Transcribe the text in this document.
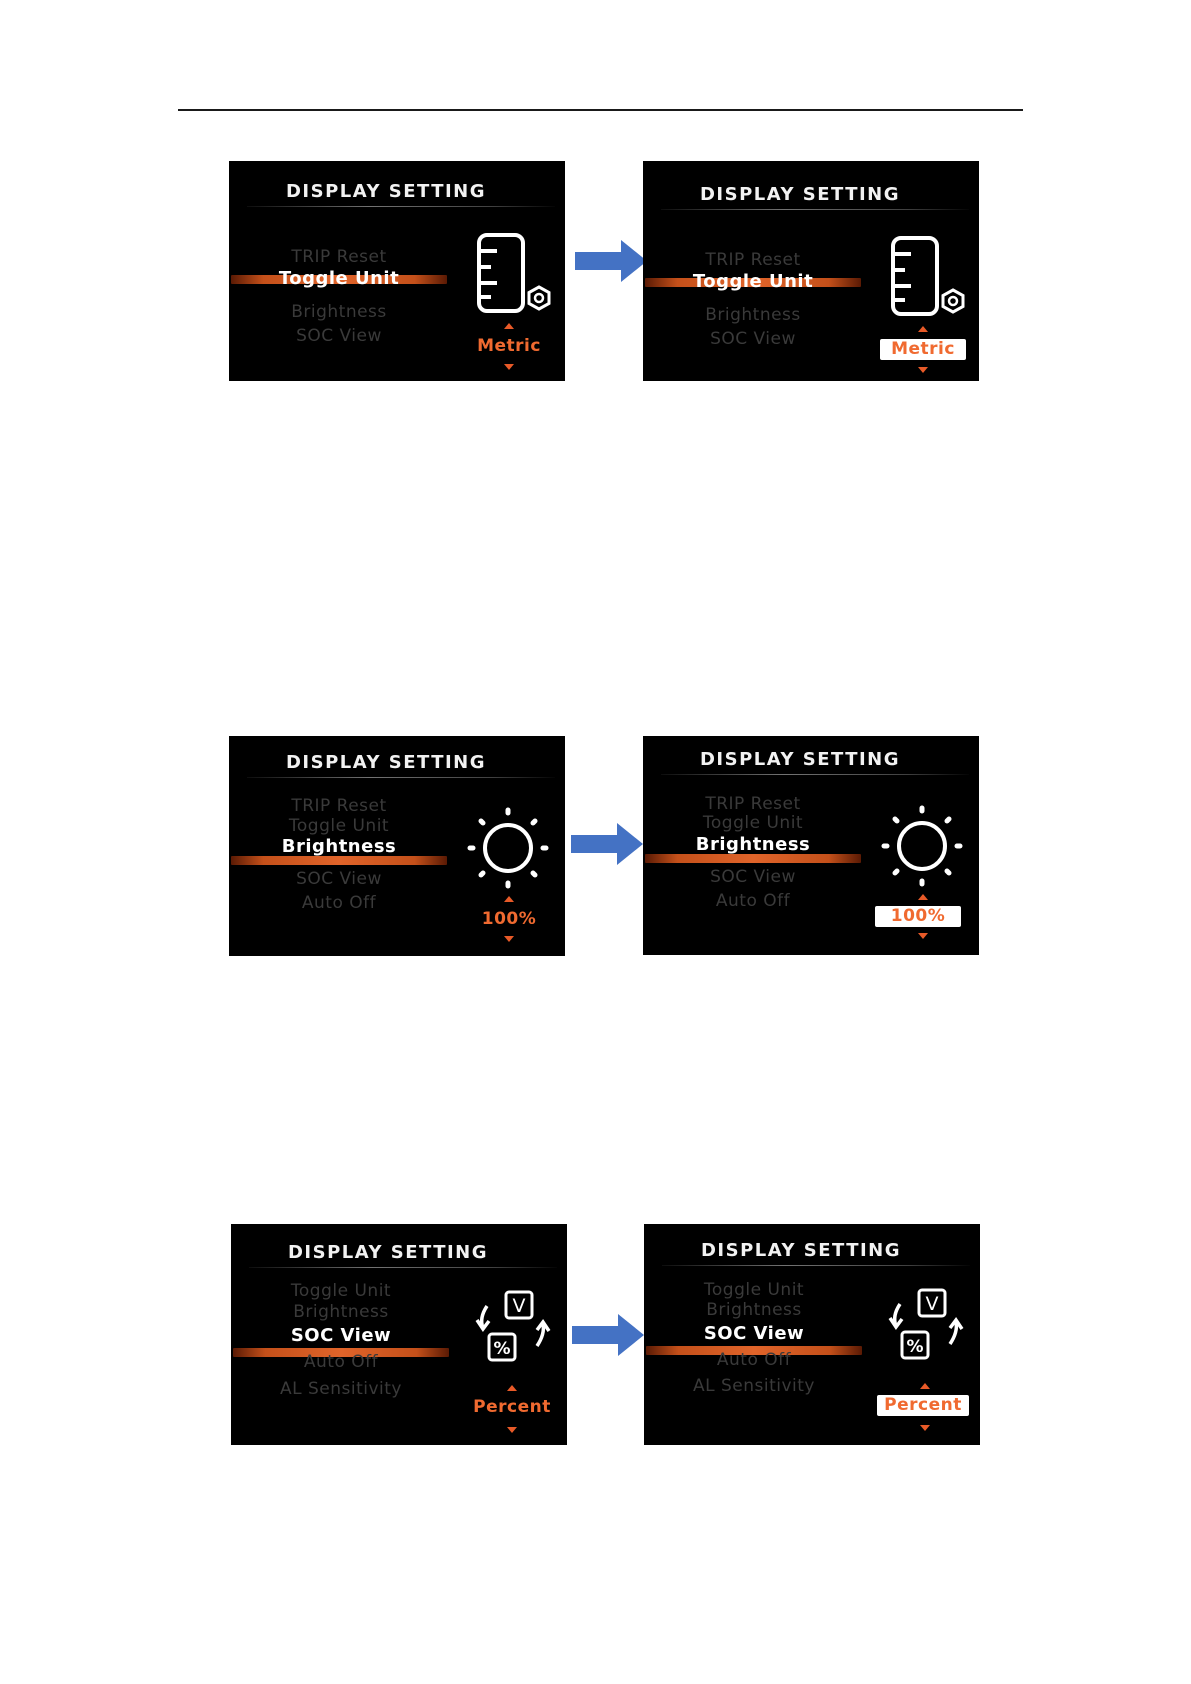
DISPLAY SETTING
TRIP Reset
Toggle Unit
Brightness
SOC View	Metric
DISPLAY SETTING
TRIP Reset
Toggle Unit
Brightness
SOC View	Metric
DISPLAY SETTING
TRIP Reset
Toggle Unit
Brightness
SOC View
Auto Off
100%
DISPLAY SETTING
TRIP Reset
Toggle Unit
Brightness
SOC View
Auto Off
100%
DISPLAY SETTING
Toggle Unit
Brightness
SOC View
Auto Off
AL Sensitivity
V
%
Percent
DISPLAY SETTING
Toggle Unit
Brightness
SOC View
Auto Off
AL Sensitivity
V
%
Percent
